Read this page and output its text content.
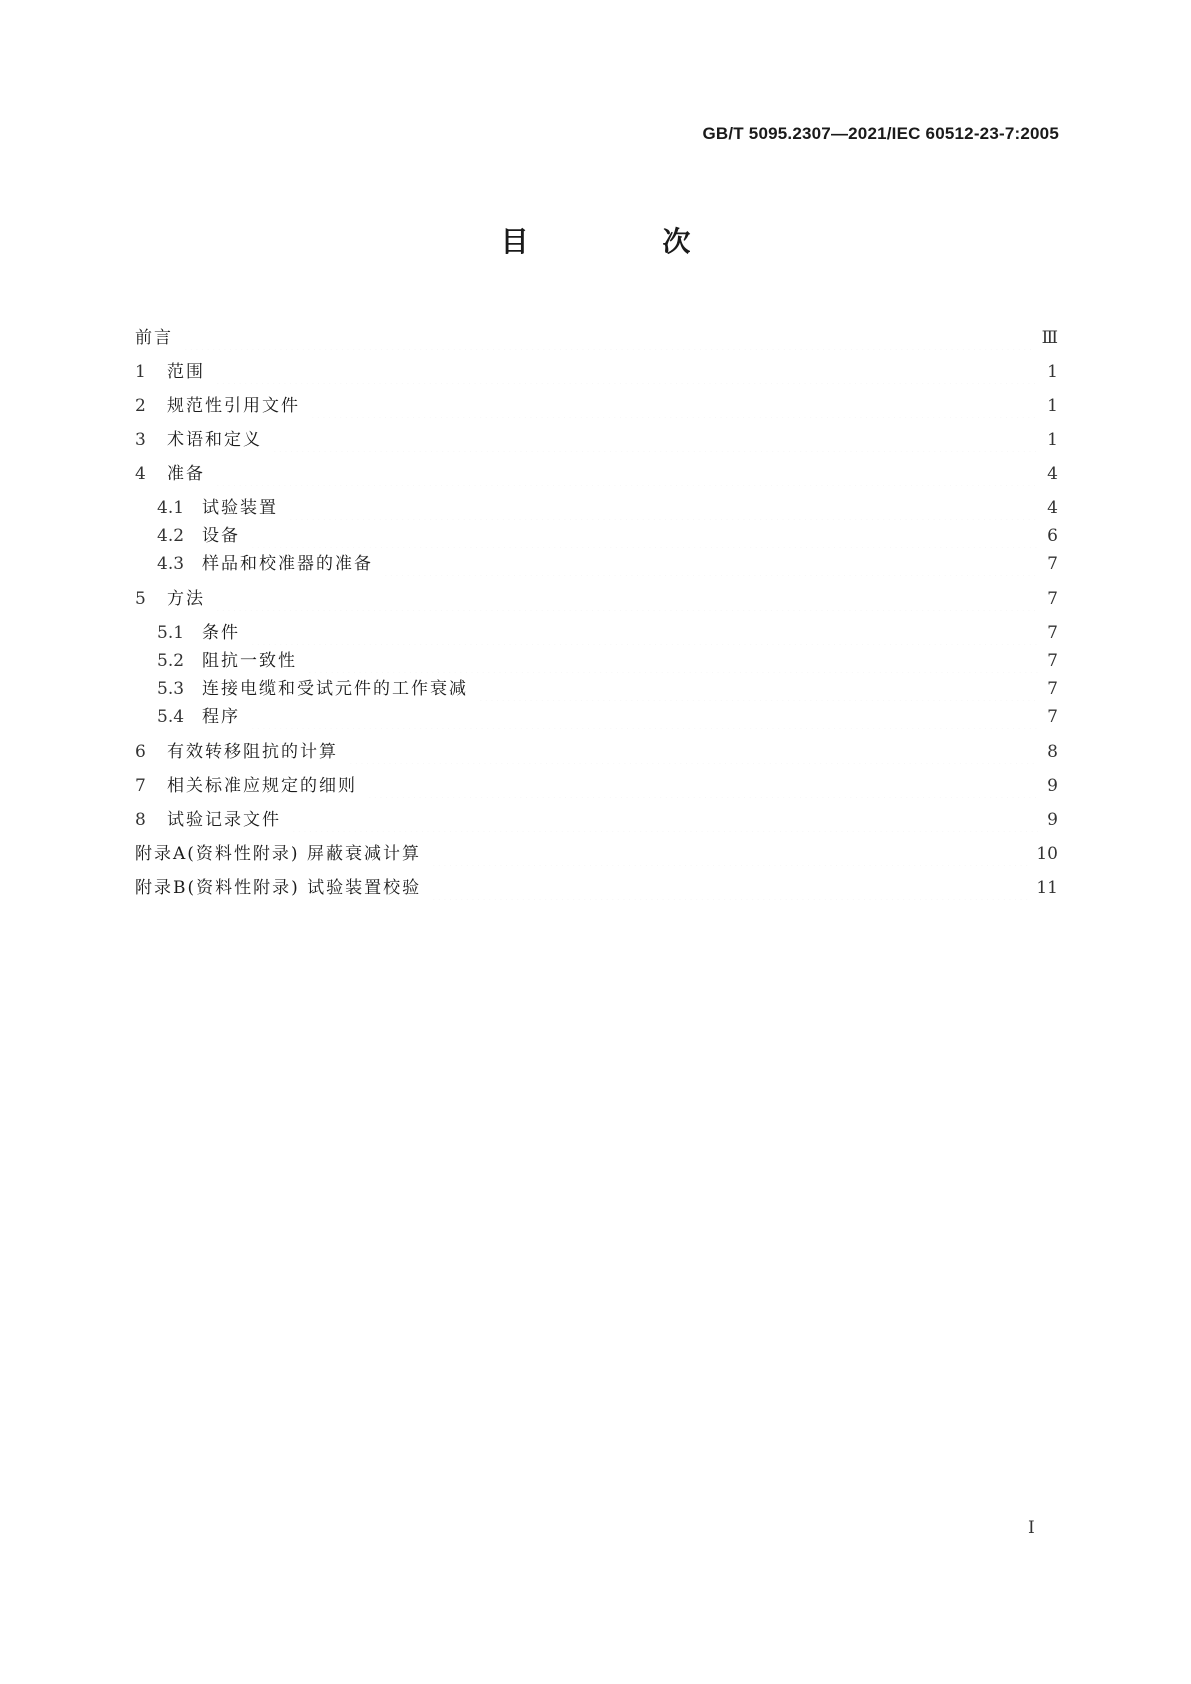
GB/T 5095.2307—2021/IEC 60512-23-7:2005
目 次
前言	Ⅲ
1	范围	1
2	规范性引用文件	1
3	术语和定义	1
4	准备	4
4.1	试验装置	4
4.2	设备	6
4.3	样品和校准器的准备	7
5	方法	7
5.1	条件	7
5.2	阻抗一致性	7
5.3	连接电缆和受试元件的工作衰减	7
5.4	程序	7
6	有效转移阻抗的计算	8
7	相关标准应规定的细则	9
8	试验记录文件	9
附录A(资料性附录) 屏蔽衰减计算	10
附录B(资料性附录) 试验装置校验	11
I
